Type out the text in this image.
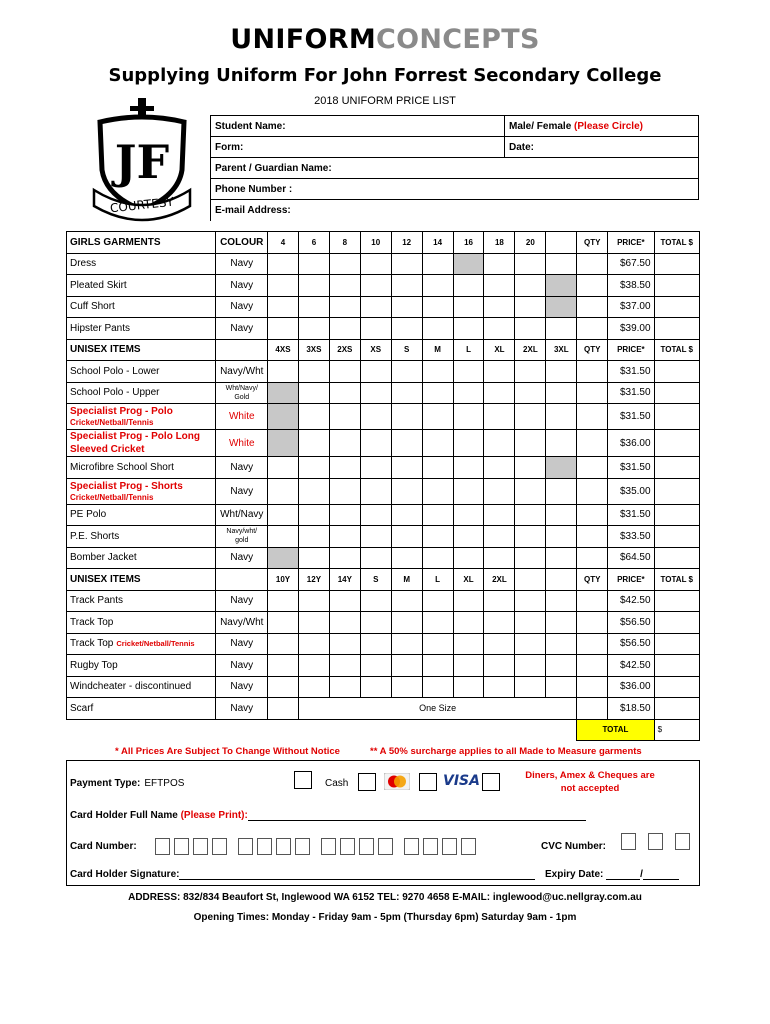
UNIFORMCONCEPTS
Supplying Uniform For John Forrest Secondary College
2018 UNIFORM PRICE LIST
JF
COURTESY
Student Name:	Male/ Female (Please Circle)
Form:	Date:
Parent / Guardian Name:	
Phone Number :	
E-mail Address:	
GIRLS GARMENTS	COLOUR	4	6	8	10	12	14	16	18	20		QTY	PRICE*	TOTAL $
Dress	Navy												$67.50	
Pleated Skirt	Navy												$38.50	
Cuff Short	Navy												$37.00	
Hipster Pants	Navy												$39.00	
UNISEX ITEMS		4XS	3XS	2XS	XS	S	M	L	XL	2XL	3XL	QTY	PRICE*	TOTAL $
School Polo - Lower	Navy/Wht												$31.50	
School Polo - Upper	Wht/Navy/ Gold												$31.50	
Specialist Prog - Polo
Cricket/Netball/Tennis	White												$31.50	
Specialist Prog - Polo Long Sleeved Cricket	White												$36.00	
Microfibre School Short	Navy												$31.50	
Specialist Prog - Shorts
Cricket/Netball/Tennis	Navy												$35.00	
PE Polo	Wht/Navy												$31.50	
P.E. Shorts	Navy/wht/ gold												$33.50	
Bomber Jacket	Navy												$64.50	
UNISEX ITEMS		10Y	12Y	14Y	S	M	L	XL	2XL			QTY	PRICE*	TOTAL $
Track Pants	Navy												$42.50	
Track Top	Navy/Wht												$56.50	
Track Top Cricket/Netball/Tennis	Navy												$56.50	
Rugby Top	Navy												$42.50	
Windcheater - discontinued	Navy												$36.00	
Scarf	Navy		One Size										$18.50	
												TOTAL		$
* All Prices Are Subject To Change Without Notice	** A 50% surcharge applies to all Made to Measure garments
Payment Type: EFTPOS	Cash	VISA	Diners, Amex & Cheques are not accepted
Card Holder Full Name (Please Print):
Card Number:	CVC Number:
Card Holder Signature:	Expiry Date:	/
ADDRESS: 832/834 Beaufort St, Inglewood WA 6152 TEL: 9270 4658 E-MAIL: inglewood@uc.nellgray.com.au
Opening Times: Monday - Friday 9am - 5pm (Thursday 6pm) Saturday 9am - 1pm
